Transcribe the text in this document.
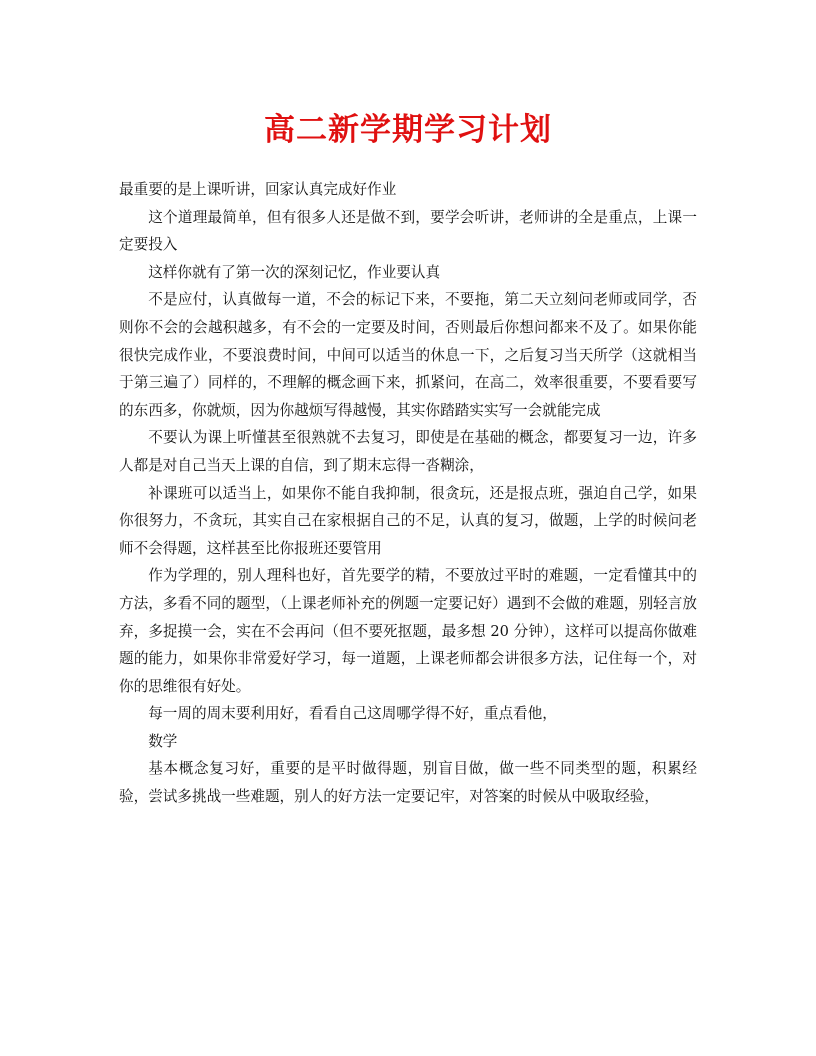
高二新学期学习计划

最重要的是上课听讲，回家认真完成好作业

这个道理最简单，但有很多人还是做不到，要学会听讲，老师讲的全是重点，上课一定要投入

这样你就有了第一次的深刻记忆，作业要认真

不是应付，认真做每一道，不会的标记下来，不要拖，第二天立刻问老师或同学，否则你不会的会越积越多，有不会的一定要及时间，否则最后你想问都来不及了。如果你能很快完成作业，不要浪费时间，中间可以适当的休息一下，之后复习当天所学（这就相当于第三遍了）同样的，不理解的概念画下来，抓紧问，在高二，效率很重要，不要看要写的东西多，你就烦，因为你越烦写得越慢，其实你踏踏实实写一会就能完成

不要认为课上听懂甚至很熟就不去复习，即使是在基础的概念，都要复习一边，许多人都是对自己当天上课的自信，到了期末忘得一沓糊涂，

补课班可以适当上，如果你不能自我抑制，很贪玩，还是报点班，强迫自己学，如果你很努力，不贪玩，其实自己在家根据自己的不足，认真的复习，做题，上学的时候问老师不会得题，这样甚至比你报班还要管用

作为学理的，别人理科也好，首先要学的精，不要放过平时的难题，一定看懂其中的方法，多看不同的题型，（上课老师补充的例题一定要记好）遇到不会做的难题，别轻言放弃，多捉摸一会，实在不会再问（但不要死抠题，最多想 20 分钟），这样可以提高你做难题的能力，如果你非常爱好学习，每一道题，上课老师都会讲很多方法，记住每一个，对你的思维很有好处。

每一周的周末要利用好，看看自己这周哪学得不好，重点看他，

数学

基本概念复习好，重要的是平时做得题，别盲目做，做一些不同类型的题，积累经验，尝试多挑战一些难题，别人的好方法一定要记牢，对答案的时候从中吸取经验，
